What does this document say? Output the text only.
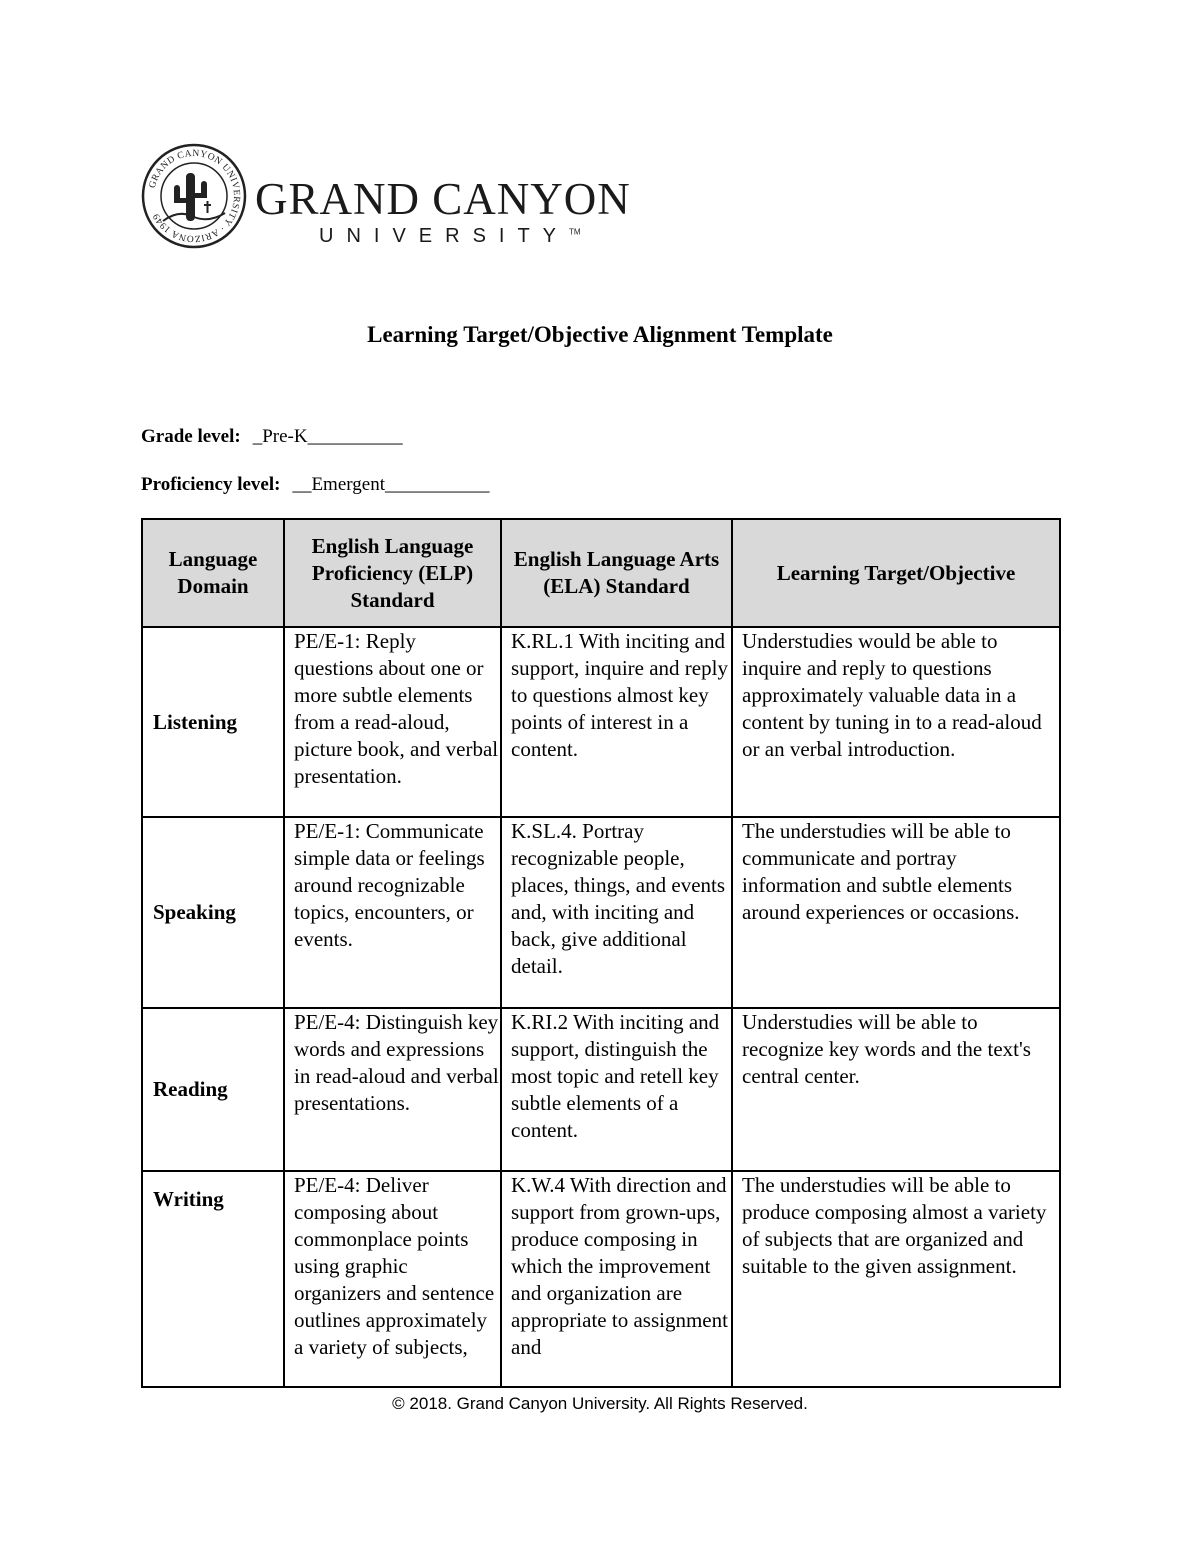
GRAND CANYON UNIVERSITY · ARIZONA 1949	GRAND CANYON
UNIVERSITY™
Learning Target/Objective Alignment Template
Grade level: _Pre-K__________
Proficiency level: __Emergent___________
Language Domain	English Language Proficiency (ELP) Standard	English Language Arts (ELA) Standard	Learning Target/Objective
Listening	PE/E-1: Reply questions about one or more subtle elements from a read-aloud, picture book, and verbal presentation.	K.RL.1 With inciting and support, inquire and reply to questions almost key points of interest in a content.	Understudies would be able to inquire and reply to questions approximately valuable data in a content by tuning in to a read-aloud or an verbal introduction.
Speaking	PE/E-1: Communicate simple data or feelings around recognizable topics, encounters, or events.	K.SL.4. Portray recognizable people, places, things, and events and, with inciting and back, give additional detail.	The understudies will be able to communicate and portray information and subtle elements around experiences or occasions.
Reading	PE/E-4: Distinguish key words and expressions in read-aloud and verbal presentations.	K.RI.2 With inciting and support, distinguish the most topic and retell key subtle elements of a content.	Understudies will be able to recognize key words and the text's central center.
Writing	PE/E-4: Deliver composing about commonplace points using graphic organizers and sentence outlines approximately a variety of subjects,	K.W.4 With direction and support from grown-ups, produce composing in which the improvement and organization are appropriate to assignment and	The understudies will be able to produce composing almost a variety of subjects that are organized and suitable to the given assignment.
© 2018. Grand Canyon University. All Rights Reserved.
